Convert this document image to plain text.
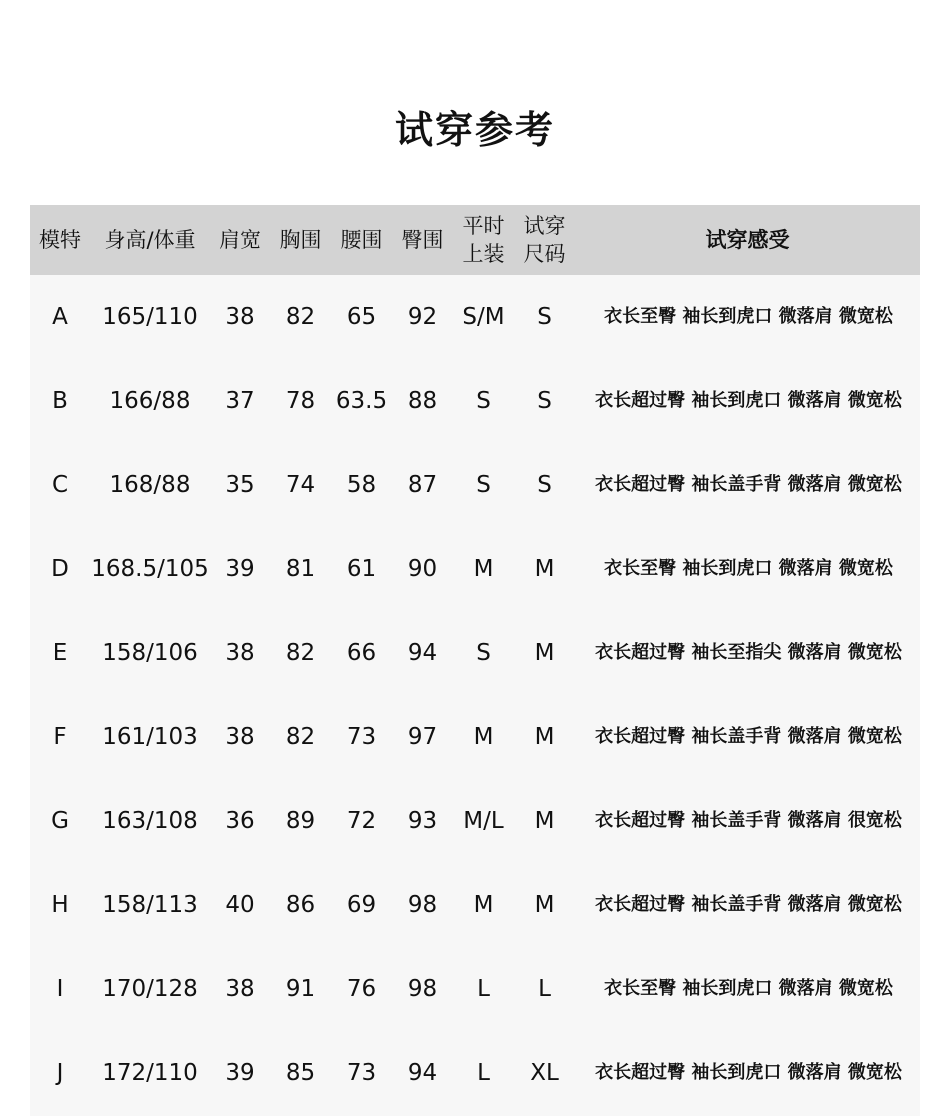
试穿参考
模特	身高/体重	肩宽	胸围	腰围	臀围	平时上装	试穿尺码	试穿感受
A	165/110	38	82	65	92	S/M	S	衣长至臀 袖长到虎口 微落肩 微宽松
B	166/88	37	78	63.5	88	S	S	衣长超过臀 袖长到虎口 微落肩 微宽松
C	168/88	35	74	58	87	S	S	衣长超过臀 袖长盖手背 微落肩 微宽松
D	168.5/105	39	81	61	90	M	M	衣长至臀 袖长到虎口 微落肩 微宽松
E	158/106	38	82	66	94	S	M	衣长超过臀 袖长至指尖 微落肩 微宽松
F	161/103	38	82	73	97	M	M	衣长超过臀 袖长盖手背 微落肩 微宽松
G	163/108	36	89	72	93	M/L	M	衣长超过臀 袖长盖手背 微落肩 很宽松
H	158/113	40	86	69	98	M	M	衣长超过臀 袖长盖手背 微落肩 微宽松
I	170/128	38	91	76	98	L	L	衣长至臀 袖长到虎口 微落肩 微宽松
J	172/110	39	85	73	94	L	XL	衣长超过臀 袖长到虎口 微落肩 微宽松
